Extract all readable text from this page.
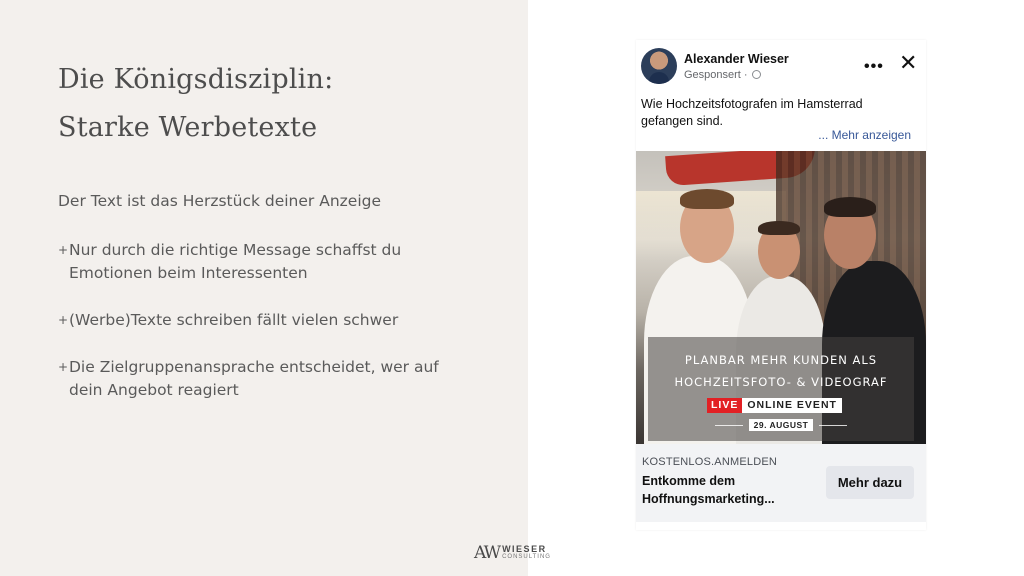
Die Königsdisziplin:
Starke Werbetexte
Der Text ist das Herzstück deiner Anzeige
+ Nur durch die richtige Message schaffst du Emotionen beim Interessenten
+ (Werbe)Texte schreiben fällt vielen schwer
+ Die Zielgruppenansprache entscheidet, wer auf dein Angebot reagiert
Alexander Wieser
Gesponsert ·	••• ✕
Wie Hochzeitsfotografen im Hamsterrad gefangen sind.
... Mehr anzeigen
PLANBAR MEHR KUNDEN ALS
HOCHZEITSFOTO- & VIDEOGRAF
LIVE ONLINE EVENT
29. AUGUST
KOSTENLOS.ANMELDEN
Entkomme dem Hoffnungsmarketing...
Mehr dazu
AW WIESER
CONSULTING
